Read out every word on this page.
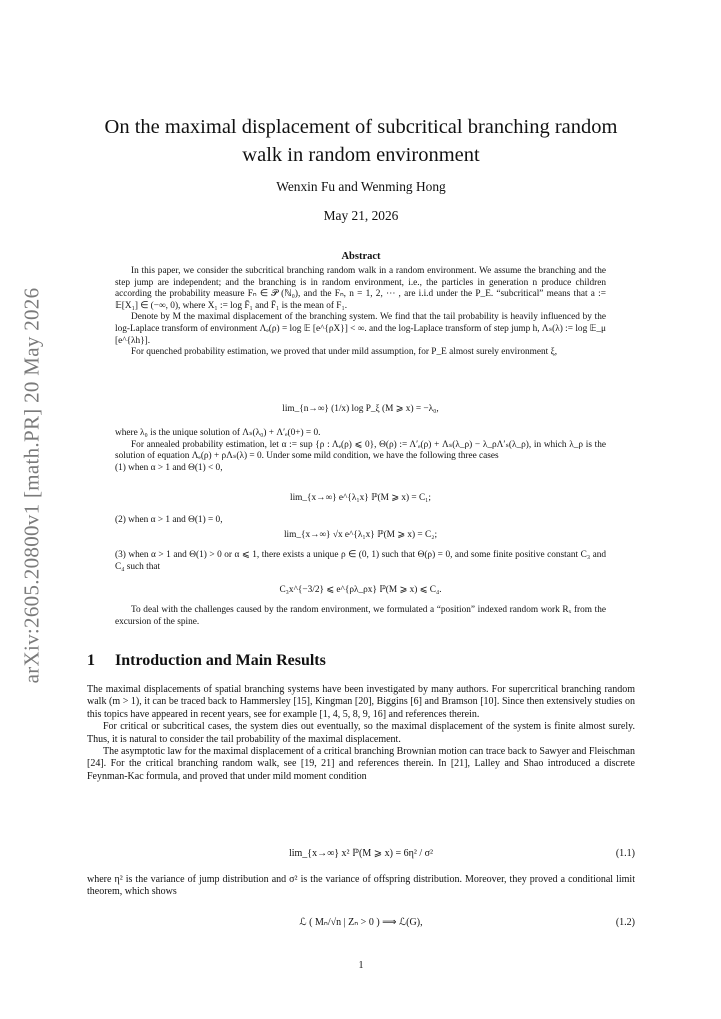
arXiv:2605.20800v1 [math.PR] 20 May 2026
On the maximal displacement of subcritical branching random walk in random environment
Wenxin Fu and Wenming Hong
May 21, 2026
Abstract

In this paper, we consider the subcritical branching random walk in a random environment. We assume the branching and the step jump are independent; and the branching is in random environment, i.e., the particles in generation n produce children according the probability measure Fₙ ∈ 𝒫 (ℕ₀), and the Fₙ, n = 1, 2, ⋯ , are i.i.d under the P_E. “subcritical” means that a := 𝔼[X₁] ∈ (−∞, 0), where X₁ := log F̄₁ and F̄₁ is the mean of F₁.

Denote by M the maximal displacement of the branching system. We find that the tail probability is heavily influenced by the log-Laplace transform of environment Λₑ(ρ) = log 𝔼 [e^{ρX}] < ∞. and the log-Laplace transform of step jump h, Λₛ(λ) := log 𝔼_μ [e^{λh}].

For quenched probability estimation, we proved that under mild assumption, for P_E almost surely environment ξ,

lim_{n→∞} (1/x) log P_ξ (M ⩾ x) = −λ₀,

where λ₀ is the unique solution of Λₛ(λ₀) + Λ′ₑ(0+) = 0.

For annealed probability estimation, let α := sup {ρ : Λₑ(ρ) ⩽ 0}, Θ(ρ) := Λ′ₑ(ρ) + Λₛ(λ_ρ) − λ_ρΛ′ₛ(λ_ρ), in which λ_ρ is the solution of equation Λₑ(ρ) + ρΛₛ(λ) = 0. Under some mild condition, we have the following three cases

(1) when α > 1 and Θ(1) < 0,

lim_{x→∞} e^{λ₁x} ℙ(M ⩾ x) = C₁;

(2) when α > 1 and Θ(1) = 0,

lim_{x→∞} √x e^{λ₁x} ℙ(M ⩾ x) = C₂;

(3) when α > 1 and Θ(1) > 0 or α ⩽ 1, there exists a unique ρ ∈ (0, 1) such that Θ(ρ) = 0, and some finite positive constant C₃ and C₄ such that

C₃x^{−3/2} ⩽ e^{ρλ_ρx} ℙ(M ⩾ x) ⩽ C₄.

To deal with the challenges caused by the random environment, we formulated a “position” indexed random work Rₓ from the excursion of the spine.

1 Introduction and Main Results

The maximal displacements of spatial branching systems have been investigated by many authors. For supercritical branching random walk (m > 1), it can be traced back to Hammersley [15], Kingman [20], Biggins [6] and Bramson [10]. Since then extensively studies on this topics have appeared in recent years, see for example [1, 4, 5, 8, 9, 16] and references therein.

For critical or subcritical cases, the system dies out eventually, so the maximal displacement of the system is finite almost surely. Thus, it is natural to consider the tail probability of the maximal displacement.

The asymptotic law for the maximal displacement of a critical branching Brownian motion can trace back to Sawyer and Fleischman [24]. For the critical branching random walk, see [19, 21] and references therein. In [21], Lalley and Shao introduced a discrete Feynman-Kac formula, and proved that under mild moment condition

lim_{x→∞} x² ℙ(M ⩾ x) = 6η² / σ²	(1.1)

where η² is the variance of jump distribution and σ² is the variance of offspring distribution. Moreover, they proved a conditional limit theorem, which shows

ℒ ( Mₙ/√n | Zₙ > 0 ) ⟹ ℒ(G),	(1.2)
1
